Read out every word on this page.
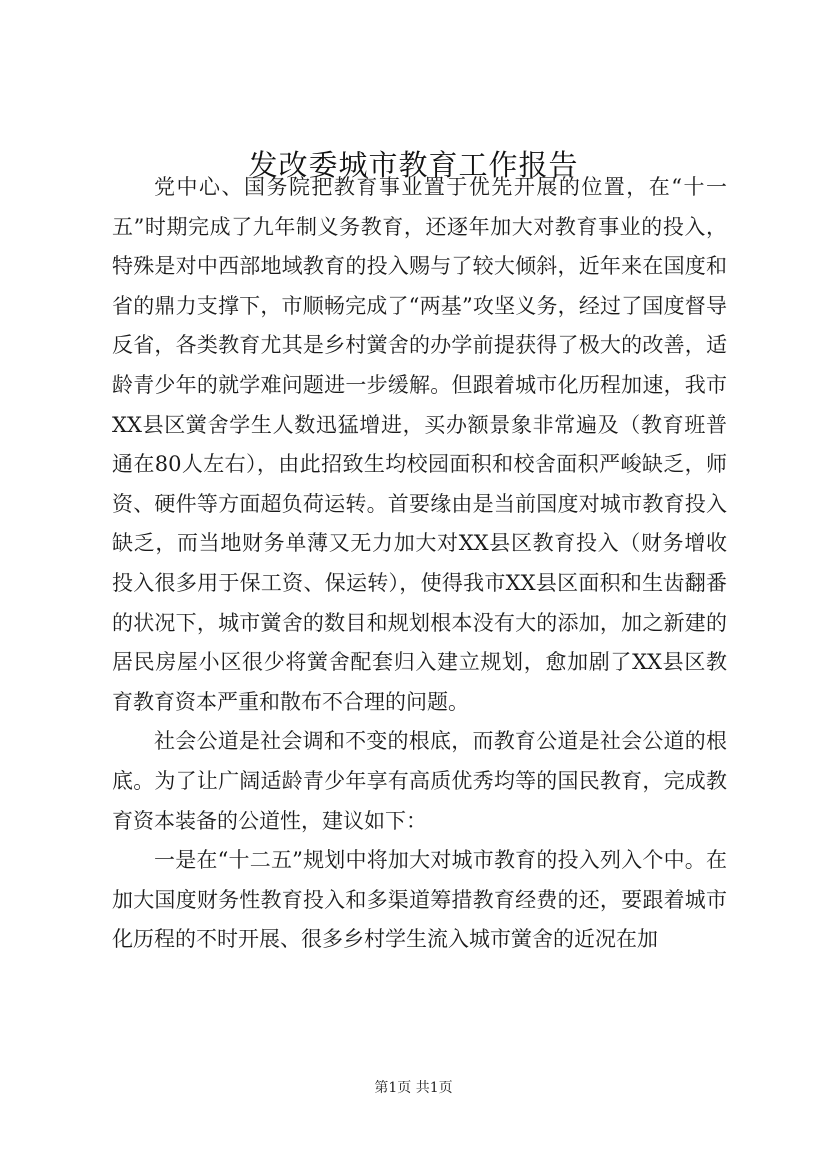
发改委城市教育工作报告

党中心、国务院把教育事业置于优先开展的位置，在“十一五”时期完成了九年制义务教育，还逐年加大对教育事业的投入，特殊是对中西部地域教育的投入赐与了较大倾斜，近年来在国度和省的鼎力支撑下，市顺畅完成了“两基”攻坚义务，经过了国度督导反省，各类教育尤其是乡村黉舍的办学前提获得了极大的改善，适龄青少年的就学难问题进一步缓解。但跟着城市化历程加速，我市XX县区黉舍学生人数迅猛增进，买办额景象非常遍及（教育班普通在80人左右），由此招致生均校园面积和校舍面积严峻缺乏，师资、硬件等方面超负荷运转。首要缘由是当前国度对城市教育投入缺乏，而当地财务单薄又无力加大对XX县区教育投入（财务增收投入很多用于保工资、保运转），使得我市XX县区面积和生齿翻番的状况下，城市黉舍的数目和规划根本没有大的添加，加之新建的居民房屋小区很少将黉舍配套归入建立规划，愈加剧了XX县区教育教育资本严重和散布不合理的问题。

社会公道是社会调和不变的根底，而教育公道是社会公道的根底。为了让广阔适龄青少年享有高质优秀均等的国民教育，完成教育资本装备的公道性，建议如下：

一是在“十二五”规划中将加大对城市教育的投入列入个中。在加大国度财务性教育投入和多渠道筹措教育经费的还，要跟着城市化历程的不时开展、很多乡村学生流入城市黉舍的近况在加

第1页 共1页
